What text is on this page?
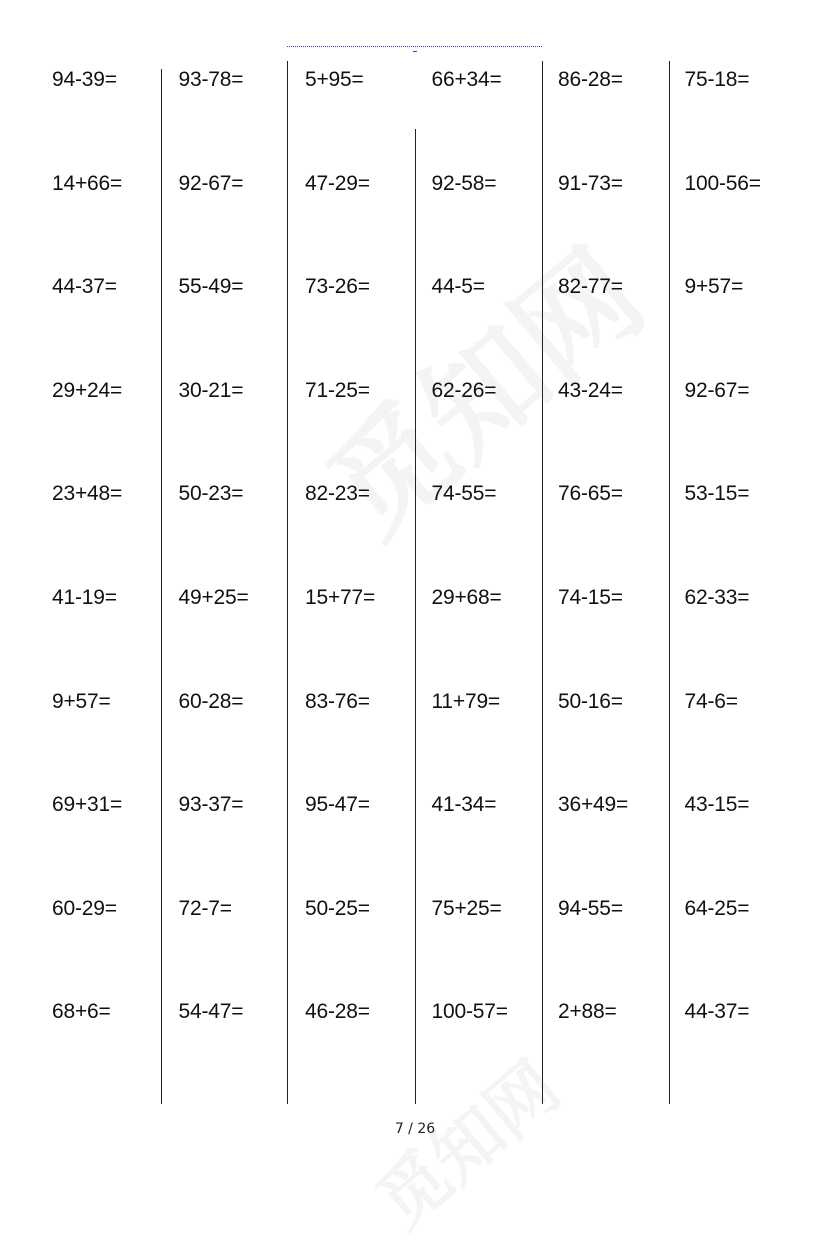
94-39=	93-78=	5+95=	66+34=	86-28=	75-18=
14+66=	92-67=	47-29=	92-58=	91-73=	100-56=
44-37=	55-49=	73-26=	44-5=	82-77=	9+57=
29+24=	30-21=	71-25=	62-26=	43-24=	92-67=
23+48=	50-23=	82-23=	74-55=	76-65=	53-15=
41-19=	49+25=	15+77=	29+68=	74-15=	62-33=
9+57=	60-28=	83-76=	11+79=	50-16=	74-6=
69+31=	93-37=	95-47=	41-34=	36+49=	43-15=
60-29=	72-7=	50-25=	75+25=	94-55=	64-25=
68+6=	54-47=	46-28=	100-57=	2+88=	44-37=
7 / 26
